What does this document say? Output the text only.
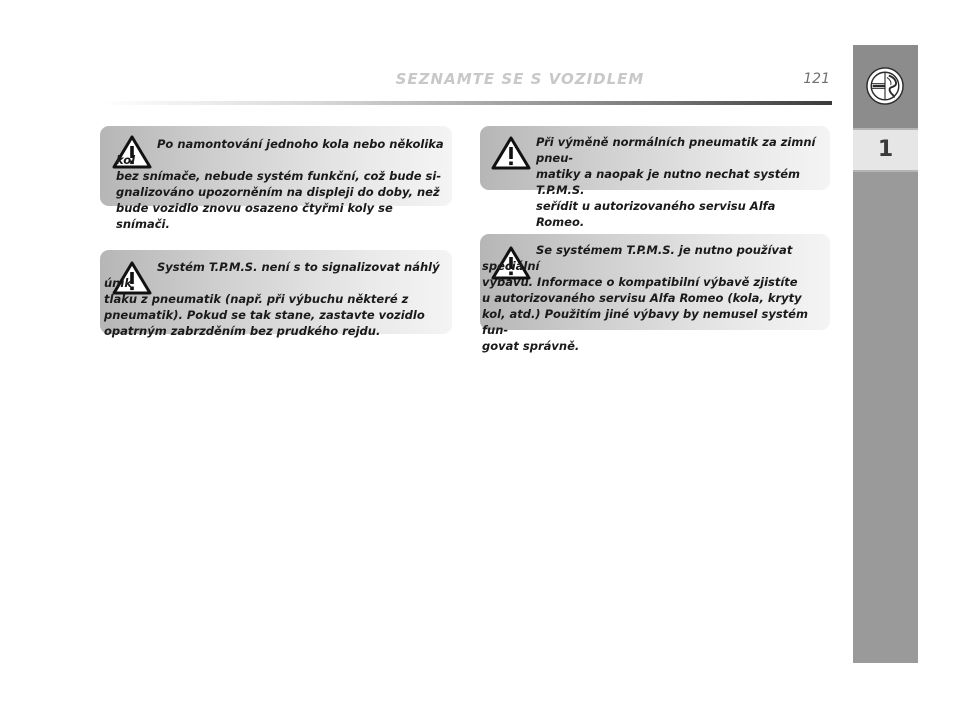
SEZNAMTE SE S VOZIDLEM	121
·
1

Po namontování jednoho kola nebo několika kol
bez snímače, nebude systém funkční, což bude si-
gnalizováno upozorněním na displeji do doby, než
bude vozidlo znovu osazeno čtyřmi koly se snímači.

Systém T.P.M.S. není s to signalizovat náhlý únik
tlaku z pneumatik (např. při výbuchu některé z
pneumatik). Pokud se tak stane, zastavte vozidlo
opatrným zabrzděním bez prudkého rejdu.

Při výměně normálních pneumatik za zimní pneu-
matiky a naopak je nutno nechat systém T.P.M.S.
seřídit u autorizovaného servisu Alfa Romeo.

Se systémem T.P.M.S. je nutno používat speciální
výbavu. Informace o kompatibilní výbavě zjistíte
u autorizovaného servisu Alfa Romeo (kola, kryty
kol, atd.) Použitím jiné výbavy by nemusel systém fun-
govat správně.
